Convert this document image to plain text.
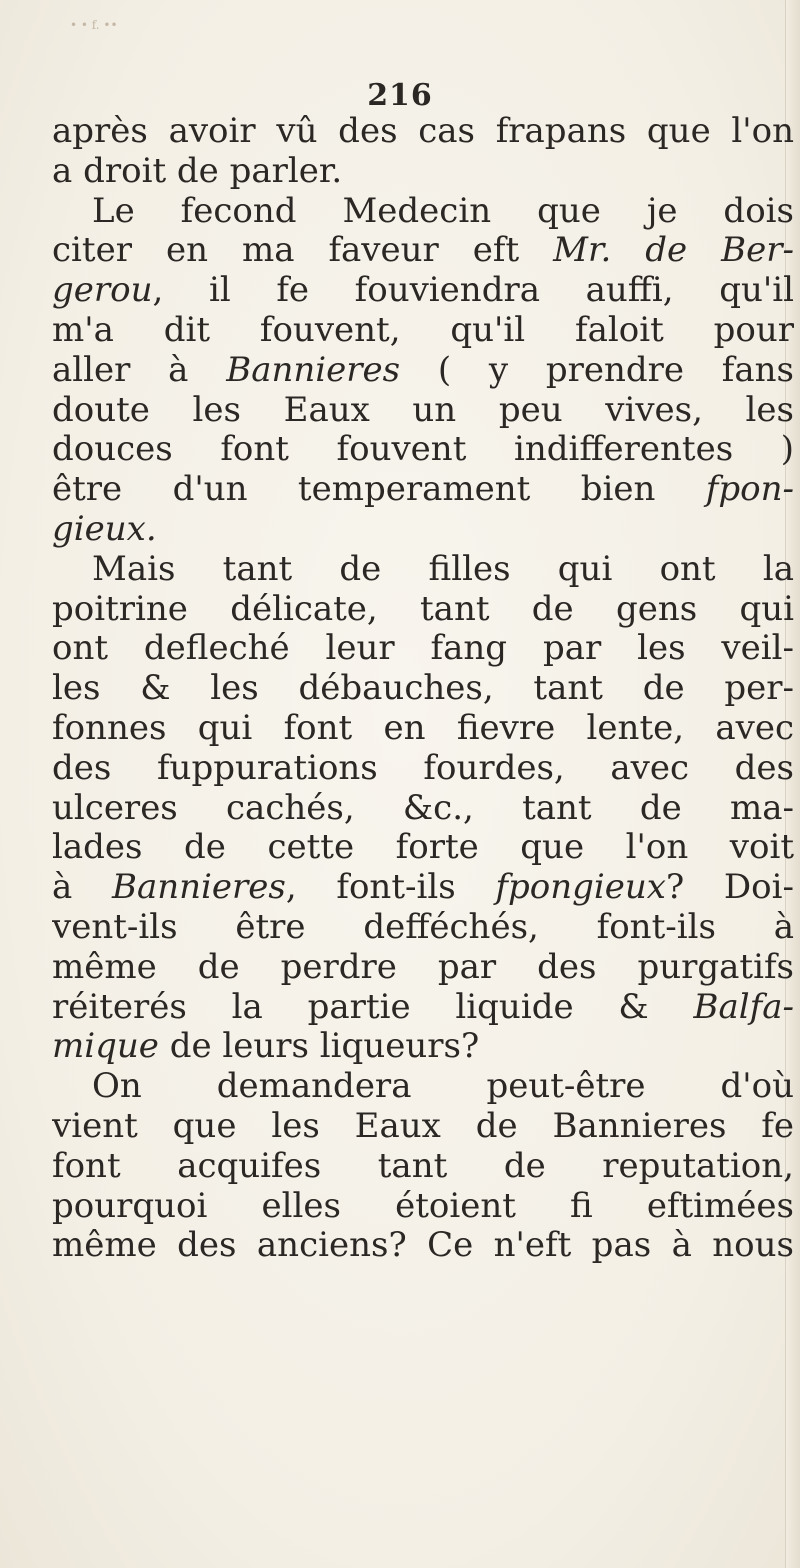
• • f. ••
216
après avoir vû des cas frapans que l'on
a droit de parler.
Le fecond Medecin que je dois
citer en ma faveur eft Mr. de Ber-
gerou, il fe fouviendra auffi, qu'il
m'a dit fouvent, qu'il faloit pour
aller à Bannieres ( y prendre fans
doute les Eaux un peu vives, les
douces font fouvent indifferentes )
être d'un temperament bien fpon-
gieux.
Mais tant de filles qui ont la
poitrine délicate, tant de gens qui
ont defleché leur fang par les veil-
les & les débauches, tant de per-
fonnes qui font en fievre lente, avec
des fuppurations fourdes, avec des
ulceres cachés, &c., tant de ma-
lades de cette forte que l'on voit
à Bannieres, font-ils fpongieux? Doi-
vent-ils être defféchés, font-ils à
même de perdre par des purgatifs
réiterés la partie liquide & Balfa-
mique de leurs liqueurs?
On demandera peut-être d'où
vient que les Eaux de Bannieres fe
font acquifes tant de reputation,
pourquoi elles étoient fi eftimées
même des anciens? Ce n'eft pas à nous
